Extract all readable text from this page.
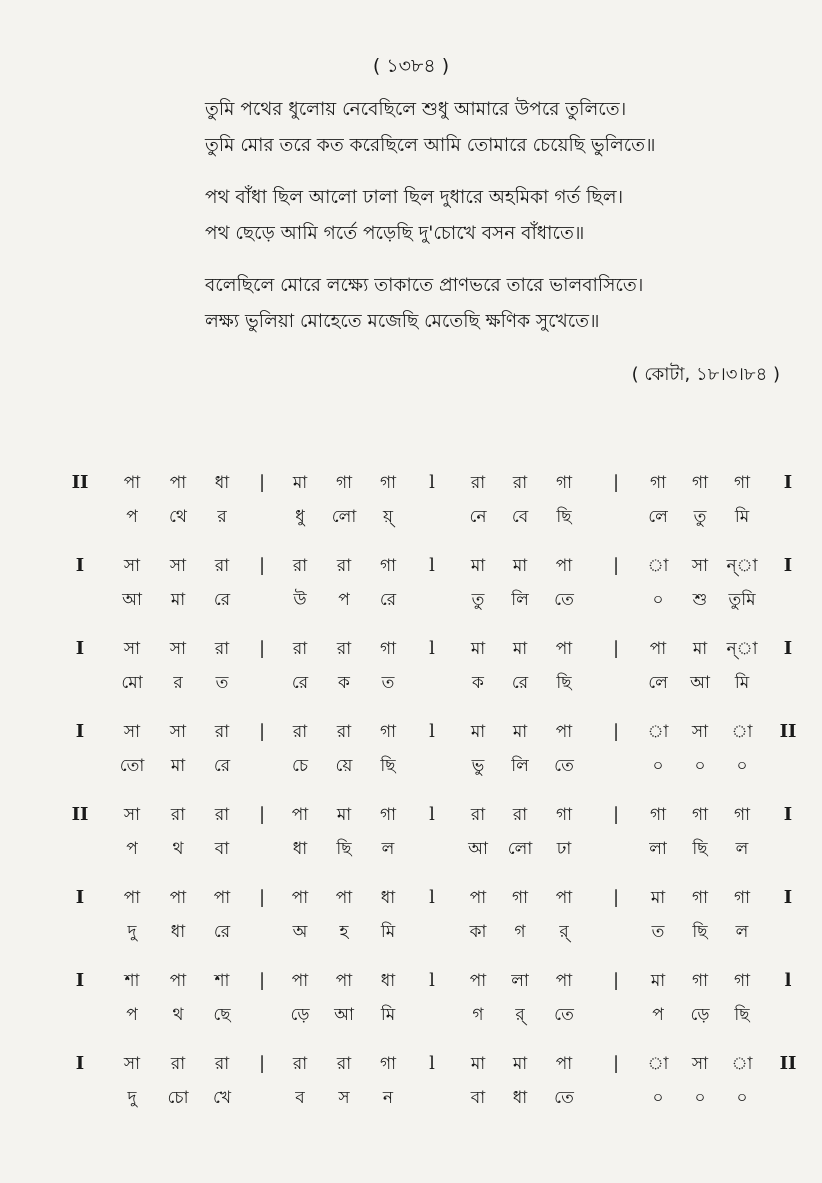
( ১৩৮৪ )
তুমি পথের ধুলোয় নেবেছিলে শুধু আমারে উপরে তুলিতে।
তুমি মোর তরে কত করেছিলে আমি তোমারে চেয়েছি ভুলিতে॥
পথ বাঁধা ছিল আলো ঢালা ছিল দুধারে অহমিকা গর্ত ছিল।
পথ ছেড়ে আমি গর্তে পড়েছি দু'চোখে বসন বাঁধাতে॥
বলেছিলে মোরে লক্ষ্যে তাকাতে প্রাণভরে তারে ভালবাসিতে।
লক্ষ্য ভুলিয়া মোহেতে মজেছি মেতেছি ক্ষণিক সুখেতে॥
( কোটা, ১৮।৩।৮৪ )
II পা পা ধা | মা গা গা l রা রা গা | গা গা গা I
প থে র	ধু লো য়্	নে বে ছি	লে তু মি
I সা সা রা | রা রা গা l মা মা পা | া সা ন্া I
আ মা রে	উ প রে	তু লি তে	০ শু তুমি
I সা সা রা | রা রা গা l মা মা পা | পা মা ন্া I
মো র ত	রে ক ত	ক রে ছি	লে আ মি
I সা সা রা | রা রা গা l মা মা পা | া সা া II
তো মা রে	চে য়ে ছি	ভু লি তে	০ ০ ০
II সা রা রা | পা মা গা l রা রা গা | গা গা গা I
প থ বা	ধা ছি ল	আ লো ঢা	লা ছি ল
I পা পা পা | পা পা ধা l পা গা পা | মা গা গা I
দু ধা রে	অ হ মি	কা গ র্	ত ছি ল
I শা পা শা | পা পা ধা l পা লা পা | মা গা গা l
প থ ছে	ড়ে আ মি	গ র্ তে	প ড়ে ছি
I সা রা রা | রা রা গা l মা মা পা | া সা া II
দু চো খে	ব স ন	বা ধা তে	০ ০ ০
